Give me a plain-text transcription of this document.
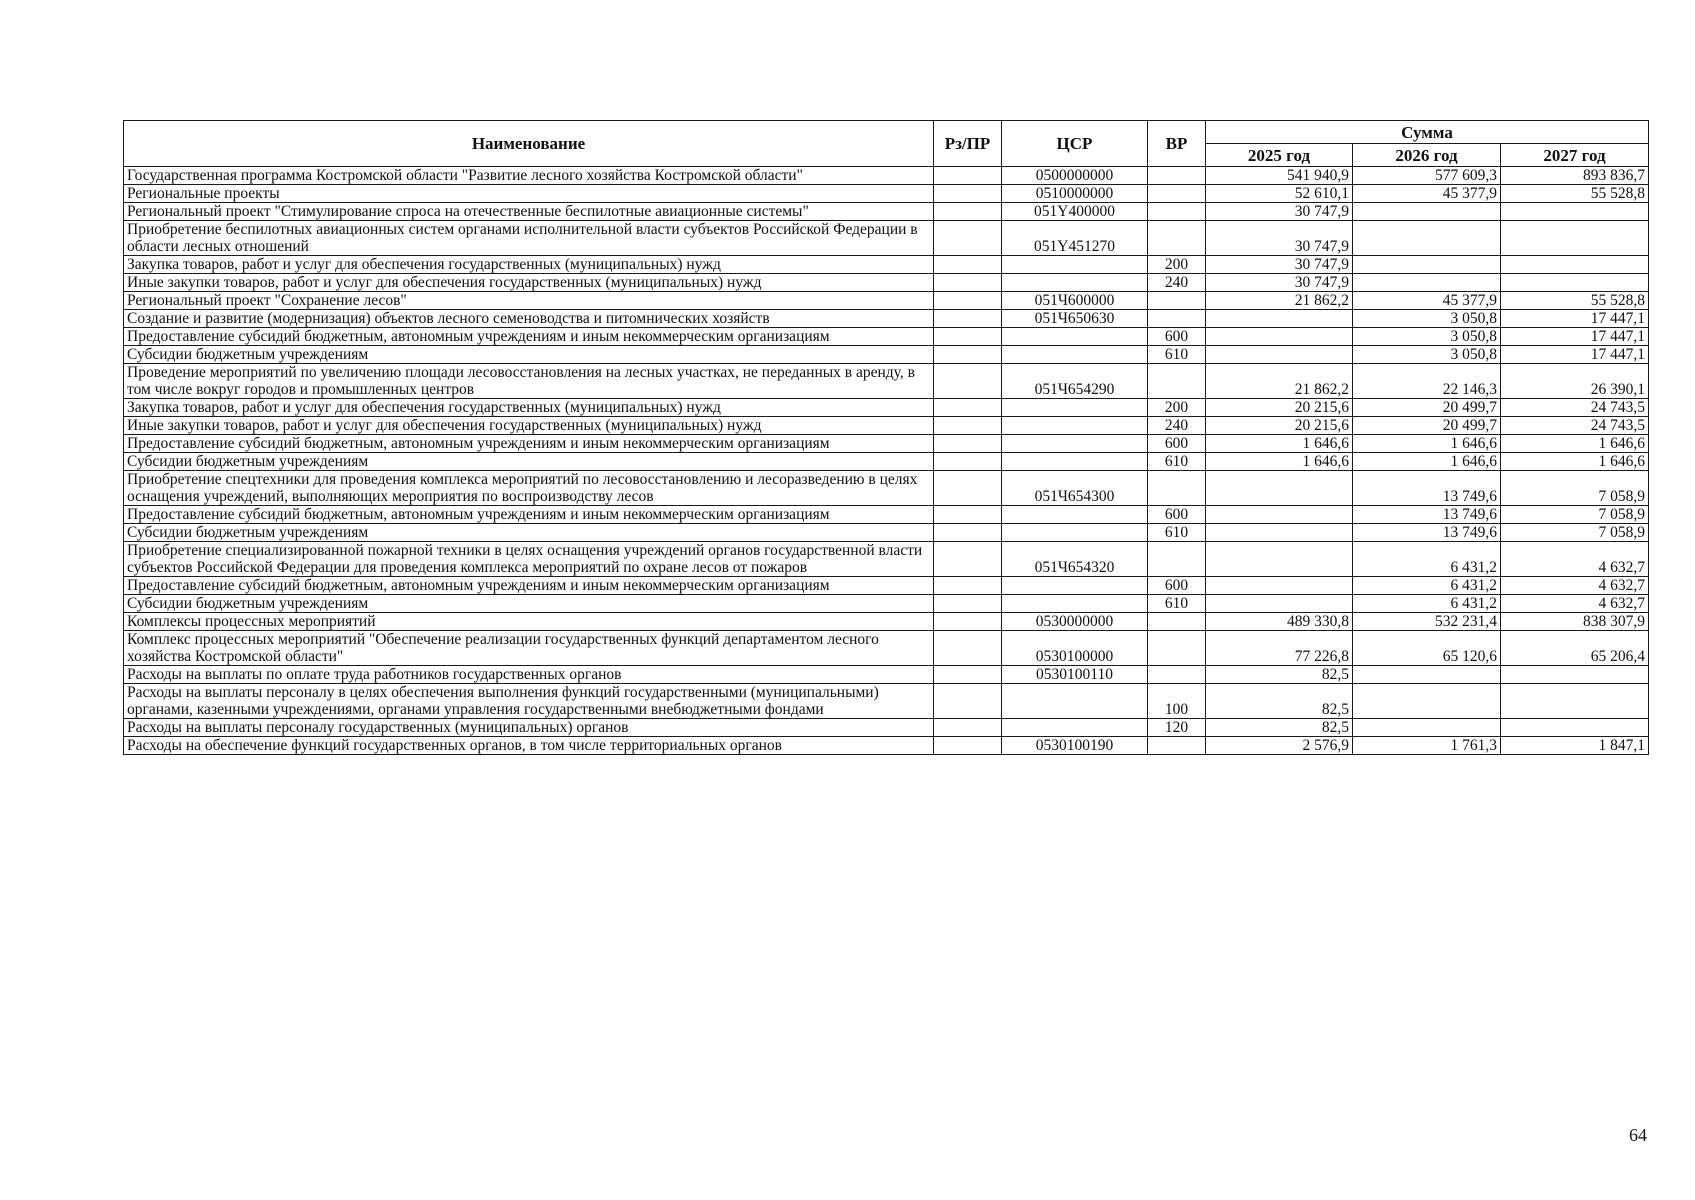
Наименование	Рз/ПР	ЦСР	ВР	Сумма		
				2025 год	2026 год	2027 год
Государственная программа Костромской области "Развитие лесного хозяйства Костромской области"		0500000000		541 940,9	577 609,3	893 836,7
Региональные проекты		0510000000		52 610,1	45 377,9	55 528,8
Региональный проект "Стимулирование спроса на отечественные беспилотные авиационные системы"		051Y400000		30 747,9		
Приобретение беспилотных авиационных систем органами исполнительной власти субъектов Российской Федерации в области лесных отношений		051Y451270		30 747,9		
Закупка товаров, работ и услуг для обеспечения государственных (муниципальных) нужд			200	30 747,9		
Иные закупки товаров, работ и услуг для обеспечения государственных (муниципальных) нужд			240	30 747,9		
Региональный проект "Сохранение лесов"		051Ч600000		21 862,2	45 377,9	55 528,8
Создание и развитие (модернизация) объектов лесного семеноводства и питомнических хозяйств		051Ч650630			3 050,8	17 447,1
Предоставление субсидий бюджетным, автономным учреждениям и иным некоммерческим организациям			600		3 050,8	17 447,1
Субсидии бюджетным учреждениям			610		3 050,8	17 447,1
Проведение мероприятий по увеличению площади лесовосстановления на лесных участках, не переданных в аренду, в том числе вокруг городов и промышленных центров		051Ч654290		21 862,2	22 146,3	26 390,1
Закупка товаров, работ и услуг для обеспечения государственных (муниципальных) нужд			200	20 215,6	20 499,7	24 743,5
Иные закупки товаров, работ и услуг для обеспечения государственных (муниципальных) нужд			240	20 215,6	20 499,7	24 743,5
Предоставление субсидий бюджетным, автономным учреждениям и иным некоммерческим организациям			600	1 646,6	1 646,6	1 646,6
Субсидии бюджетным учреждениям			610	1 646,6	1 646,6	1 646,6
Приобретение спецтехники для проведения комплекса мероприятий по лесовосстановлению и лесоразведению в целях оснащения учреждений, выполняющих мероприятия по воспроизводству лесов		051Ч654300			13 749,6	7 058,9
Предоставление субсидий бюджетным, автономным учреждениям и иным некоммерческим организациям			600		13 749,6	7 058,9
Субсидии бюджетным учреждениям			610		13 749,6	7 058,9
Приобретение специализированной пожарной техники в целях оснащения учреждений органов государственной власти субъектов Российской Федерации для проведения комплекса мероприятий по охране лесов от пожаров		051Ч654320			6 431,2	4 632,7
Предоставление субсидий бюджетным, автономным учреждениям и иным некоммерческим организациям			600		6 431,2	4 632,7
Субсидии бюджетным учреждениям			610		6 431,2	4 632,7
Комплексы процессных мероприятий		0530000000		489 330,8	532 231,4	838 307,9
Комплекс процессных мероприятий "Обеспечение реализации государственных функций департаментом лесного хозяйства Костромской области"		0530100000		77 226,8	65 120,6	65 206,4
Расходы на выплаты по оплате труда работников государственных органов		0530100110		82,5		
Расходы на выплаты персоналу в целях обеспечения выполнения функций государственными (муниципальными) органами, казенными учреждениями, органами управления государственными внебюджетными фондами			100	82,5		
Расходы на выплаты персоналу государственных (муниципальных) органов			120	82,5		
Расходы на обеспечение функций государственных органов, в том числе территориальных органов		0530100190		2 576,9	1 761,3	1 847,1
64
